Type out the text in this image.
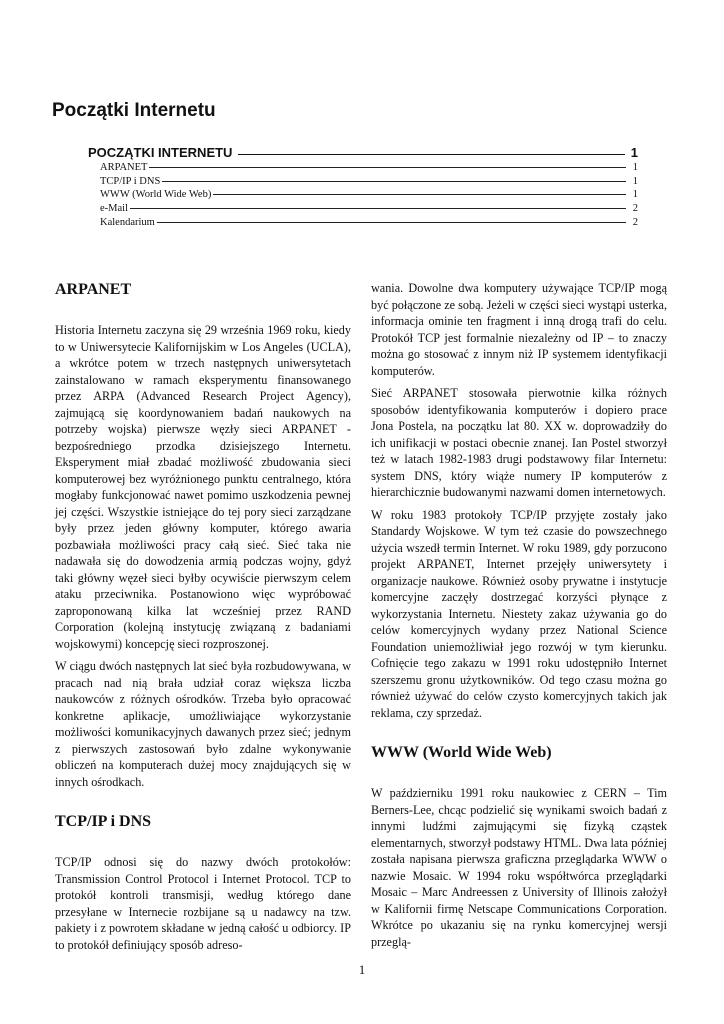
Początki Internetu
POCZĄTKI INTERNETU	1
ARPANET	1
TCP/IP i DNS	1
WWW (World Wide Web)	1
e-Mail	2
Kalendarium	2
ARPANET

Historia Internetu zaczyna się 29 września 1969 roku, kiedy to w Uniwersytecie Kalifornijskim w Los Angeles (UCLA), a wkrótce potem w trzech następnych uniwersytetach zainstalowano w ramach eksperymentu finansowanego przez ARPA (Advanced Research Project Agency), zajmującą się koordynowaniem badań naukowych na potrzeby wojska) pierwsze węzły sieci ARPANET - bezpośredniego przodka dzisiejszego Internetu. Eksperyment miał zbadać możliwość zbudowania sieci komputerowej bez wyróżnionego punktu centralnego, która mogłaby funkcjonować nawet pomimo uszkodzenia pewnej jej części. Wszystkie istniejące do tej pory sieci zarządzane były przez jeden główny komputer, którego awaria pozbawiała możliwości pracy całą sieć. Sieć taka nie nadawała się do dowodzenia armią podczas wojny, gdyż taki główny węzeł sieci byłby ocywiście pierwszym celem ataku przeciwnika. Postanowiono więc wypróbować zaproponowaną kilka lat wcześniej przez RAND Corporation (kolejną instytucję związaną z badaniami wojskowymi) koncepcję sieci rozproszonej.

W ciągu dwóch następnych lat sieć była rozbudowywana, w pracach nad nią brała udział coraz większa liczba naukowców z różnych ośrodków. Trzeba było opracować konkretne aplikacje, umożliwiające wykorzystanie możliwości komunikacyjnych dawanych przez sieć; jednym z pierwszych zastosowań było zdalne wykonywanie obliczeń na komputerach dużej mocy znajdujących się w innych ośrodkach.

TCP/IP i DNS

TCP/IP odnosi się do nazwy dwóch protokołów: Transmission Control Protocol i Internet Protocol. TCP to protokół kontroli transmisji, według którego dane przesyłane w Internecie rozbijane są u nadawcy na tzw. pakiety i z powrotem składane w jedną całość u odbiorcy. IP to protokół definiujący sposób adreso-

wania. Dowolne dwa komputery używające TCP/IP mogą być połączone ze sobą. Jeżeli w części sieci wystąpi usterka, informacja ominie ten fragment i inną drogą trafi do celu. Protokół TCP jest formalnie niezależny od IP – to znaczy można go stosować z innym niż IP systemem identyfikacji komputerów.

Sieć ARPANET stosowała pierwotnie kilka różnych sposobów identyfikowania komputerów i dopiero prace Jona Postela, na początku lat 80. XX w. doprowadziły do ich unifikacji w postaci obecnie znanej. Ian Postel stworzył też w latach 1982-1983 drugi podstawowy filar Internetu: system DNS, który wiąże numery IP komputerów z hierarchicznie budowanymi nazwami domen internetowych.

W roku 1983 protokoły TCP/IP przyjęte zostały jako Standardy Wojskowe. W tym też czasie do powszechnego użycia wszedł termin Internet. W roku 1989, gdy porzucono projekt ARPANET, Internet przejęły uniwersytety i organizacje naukowe. Również osoby prywatne i instytucje komercyjne zaczęły dostrzegać korzyści płynące z wykorzystania Internetu. Niestety zakaz używania go do celów komercyjnych wydany przez National Science Foundation uniemożliwiał jego rozwój w tym kierunku. Cofnięcie tego zakazu w 1991 roku udostępniło Internet szerszemu gronu użytkowników. Od tego czasu można go również używać do celów czysto komercyjnych takich jak reklama, czy sprzedaż.

WWW (World Wide Web)

W październiku 1991 roku naukowiec z CERN – Tim Berners-Lee, chcąc podzielić się wynikami swoich badań z innymi ludźmi zajmującymi się fizyką cząstek elementarnych, stworzył podstawy HTML. Dwa lata później została napisana pierwsza graficzna przeglądarka WWW o nazwie Mosaic. W 1994 roku współtwórca przeglądarki Mosaic – Marc Andreessen z University of Illinois założył w Kalifornii firmę Netscape Communications Corporation. Wkrótce po ukazaniu się na rynku komercyjnej wersji przeglą-

1
